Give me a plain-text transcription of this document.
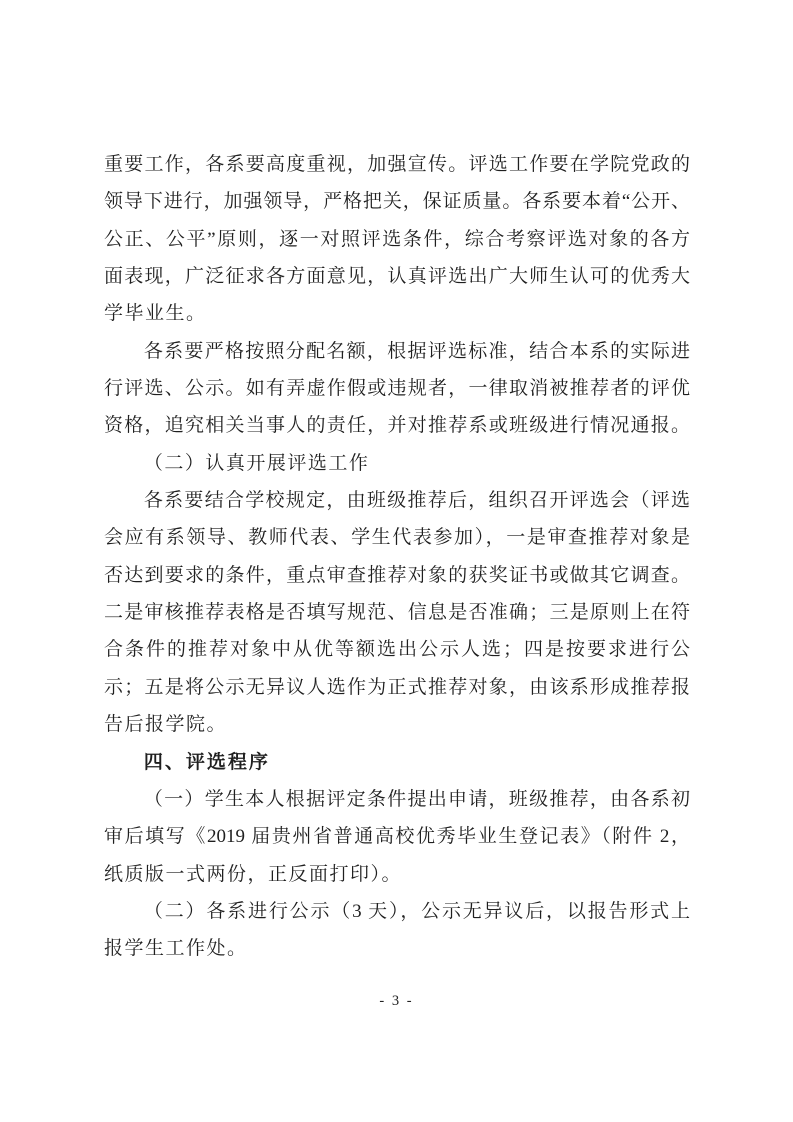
重要工作，各系要高度重视，加强宣传。评选工作要在学院党政的
领导下进行，加强领导，严格把关，保证质量。各系要本着“公开、
公正、公平”原则，逐一对照评选条件，综合考察评选对象的各方
面表现，广泛征求各方面意见，认真评选出广大师生认可的优秀大
学毕业生。
各系要严格按照分配名额，根据评选标准，结合本系的实际进
行评选、公示。如有弄虚作假或违规者，一律取消被推荐者的评优
资格，追究相关当事人的责任，并对推荐系或班级进行情况通报。
（二）认真开展评选工作
各系要结合学校规定，由班级推荐后，组织召开评选会（评选
会应有系领导、教师代表、学生代表参加），一是审查推荐对象是
否达到要求的条件，重点审查推荐对象的获奖证书或做其它调查。
二是审核推荐表格是否填写规范、信息是否准确；三是原则上在符
合条件的推荐对象中从优等额选出公示人选；四是按要求进行公
示；五是将公示无异议人选作为正式推荐对象，由该系形成推荐报
告后报学院。
四、评选程序
（一）学生本人根据评定条件提出申请，班级推荐，由各系初
审后填写《2019 届贵州省普通高校优秀毕业生登记表》（附件 2，
纸质版一式两份，正反面打印）。
（二）各系进行公示（3 天），公示无异议后，以报告形式上
报学生工作处。
- 3 -
